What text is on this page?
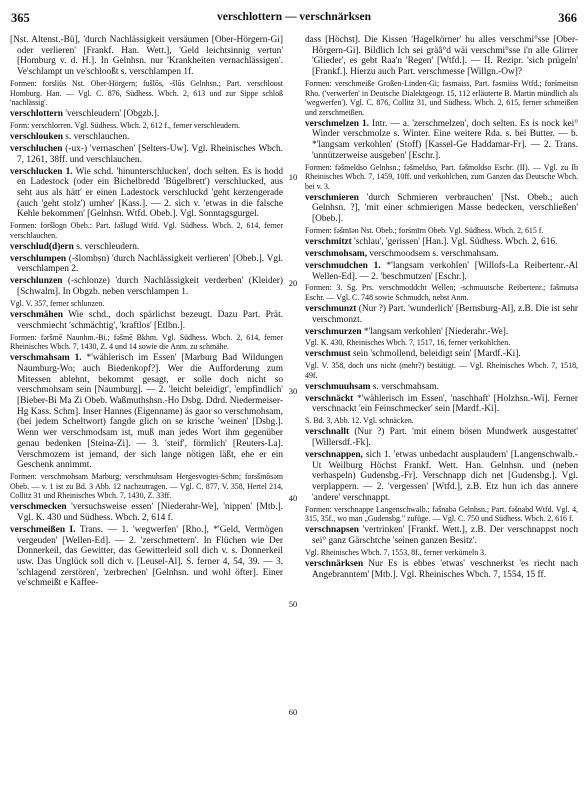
365	verschlottern — verschnärksen	366

[Nst. Altenst.-Bü], 'durch Nachlässigkeit versäumen [Ober-Hörgern-Gi] oder verlieren' [Frankf. Han. Wett.], 'Geld leichtsinnig vertun' [Homburg v. d. H.]. In Gelnhsn. nur 'Krankheiten vernachlässigen'. Ve'schlampt un ve'schlooßt s. verschlampen 1f.

Formen: forsliüs Nst. Ober-Hörgern; fušlōs, -šlūs Gelnhsn.; Part. verschloost Homburg. Han. — Vgl. C. 876, Südhess. Wbch. 2, 613 und zur Sippe schloß 'nachlässig'.

verschlottern 'verschleudern' [Obgzb.].

Form: verschlorren. Vgl. Südhess. Wbch. 2, 612 f., ferner verschleudern.

verschlouken s. verschlauchen.

verschluchen (-ux-) 'vernaschen' [Selters-Uw]. Vgl. Rheinisches Wbch. 7, 1261, 38ff. und verschlauchen.

verschlucken 1. Wie schd. 'hinunterschlucken', doch selten. Es is hodd en Ladestock (oder ein Bichelbredd 'Bügelbrett') verschlucked, aus seht aus als hätt' er einen Ladestock verschluckd 'geht kerzengerade (auch 'geht stolz') umher' [Kass.]. — 2. sich v. 'etwas in die falsche Kehle bekommen' [Gelnhsn. Wtfd. Obeb.]. Vgl. Sonntagsgurgel.

Formen: foršlogn Obeb.: Part. fəšlugd Wtfd. Vgl. Südhess. Wbch. 2, 614, ferner verschlauchen.

verschlud(d)ern s. verschleudern.

verschlumpen (-šlombṣn) 'durch Nachlässigkeit verlieren' [Obeb.]. Vgl. verschlampen 2.

verschlunzen (-schlonze) 'durch Nachlässigkeit verderben' (Kleider) [Schwalm]. In Obgzb. neben verschlampen 1.

Vgl. V. 357, ferner schlunzen.

verschmähen Wie schd., doch spärlichst bezeugt. Dazu Part. Prät. verschmiecht 'schmächtig', 'kraftlos' [Etlbn.].

Formen: fəršmē Naunhm.-Bi.; fəšmē Bkhm. Vgl. Südhess. Wbch. 2, 614, ferner Rheinisches Wbch. 7, 1430, Z. 4 und 14 sowie die Anm. zu schmähe.

verschmahsam 1. *'wählerisch im Essen' [Marburg Bad Wildungen Naumburg-Wo; auch Biedenkopf?]. Wer die Aufforderung zum Mitessen ablehnt, bekommt gesagt, er solle doch nicht so verschmohsam sein [Naumburg]. — 2. 'leicht beleidigt', 'empfindlich' [Bieber-Bi Ma Zi Obeb. Waßmuthshsn.-Ho Dsbg. Ddrd. Niedermeiser-Hg Kass. Schm]. Inser Hannes (Eigenname) äs gaor so verschmohsam, (bei jedem Scheltwort) fangde glich on se krische 'weinen' [Dsbg.]. Wenn wer verschmodsam ist, muß man jedes Wort ihm gegenüber genau bedenken [Steina-Zi]. — 3. 'steif', förmlich' [Reuters-La]. Verschmozem ist jemand, der sich lange nötigen läßt, ehe er ein Geschenk annimmt.

Formen: verschmohsam Marburg; verschmuhsam Hergesvogtei-Schm; forsšmōsəm Obeb. — v. 1 ist zu Bd. 3 Abb. 12 nachzutragen. — Vgl. C. 877, V. 358, Hertel 214, Collitz 31 und Rheinisches Wbch. 7, 1430, Z. 33ff.

verschmecken 'versuchsweise essen' [Niederahr-We], 'nippen' [Mtb.]. Vgl. K. 430 und Südhess. Wbch. 2, 614 f.

verschmeißen I. Trans. — 1. 'wegwerfen' [Rho.], *'Geld, Vermögen vergeuden' [Wellen-Ed]. — 2. 'zerschmettern'. In Flüchen wie Der Donnerkeil, das Gewitter, das Gewitterleid soll dich v. s. Donnerkeil usw. Das Unglück soll dich v. [Leusel-Al]. S. ferner 4, 54, 39. — 3. 'schlagend zerstören', 'zerbrechen' [Gelnhsn. und wohl öfter]. Einer ve'schmeißt e Kaffee-

10
20
30
40
50
60

dass [Höchst]. Die Kissen 'Hagelkörner' hu alles verschmi°sse [Ober-Hörgern-Gi]. Bildlich Ich sei gräâ°d wäi verschmi°sse i'n alle Glirrer 'Glieder', es gebt Raa'n 'Regen' [Wtfd.]. — II. Rezipr. 'sich prügeln' [Frankf.]. Hierzu auch Part. verschmesse [Willgn.-Ow]?

Formen: verschmeiße Großen-Linden-Gi; fəsmaiss, Part. fəsmiiss Wtfd.; forśmeitsn Rho. ('verwerfen' in Deutsche Dialektgeogr. 15, 112 erläuterte B. Martin mündlich als 'wegwerfen'). Vgl. C. 876, Collitz 31, und Südhess. Wbch. 2, 615, ferner schmeißen und zerschmeißen.

verschmelzen 1. Intr. — a. 'zerschmelzen', doch selten. Es is nock kei° Winder verschmolze s. Winter. Eine weitere Rda. s. bei Butter. — b. *'langsam verkohlen' (Stoff) [Kassel-Ge Haddamar-Fr]. — 2. Trans. 'unnützerweise ausgeben' [Eschr.].

Formen: fəšmeldso Gelnhsn.; fəšmeldso, Part. fəšmoldso Eschr. (II). — Vgl. zu Ib Rheinisches Wbch. 7, 1459, 10ff. und verkohlchen, zum Ganzen das Deutsche Wbch. bei v. 3.

verschmieren 'durch Schmieren verbrauchen' [Nst. Obeb.; auch Gelnhsn. ?], 'mit einer schmierigen Masse bedecken, verschließen' [Obeb.].

Formen: fəšmīən Nst. Obeb.; forśmīrn Obeb. Vgl. Südhess. Wbch. 2, 615 f.

verschmitzt 'schlau', 'gerissen' [Han.]. Vgl. Südhess. Wbch. 2, 616.

verschmohsam, verschmoodsem s. verschmahsam.

verschmudchen 1. *'langsam verkohlen' [Willofs-La Reibertenr.-Al Wellen-Ed]. — 2. 'beschmutzen' [Eschr.].

Formen: 3. Sg. Prs. verschmoddcht Wellen; -schmuutsche Reibertenr.; fəšmutsə Eschr. — Vgl. C. 748 sowie Schmudch, nebst Anm.

verschmunzt (Nur ?) Part. 'wunderlich' [Bernsburg-Al], z.B. Die ist sehr verschmonzt.

verschmurzen *'langsam verkohlen' [Niederahr.-We].

Vgl. K. 430, Rheinisches Wbch. 7, 1517, 16, ferner verkohlchen.

verschmust sein 'schmollend, beleidigt sein' [Mardf.-Ki].

Vgl. V. 358, doch uns nicht (mehr?) bestätigt. — Vgl. Rheinisches Wbch. 7, 1518, 49f.

verschmuuhsam s. verschmahsam.

verschnäckt *'wählerisch im Essen', 'naschhaft' [Holzhsn.-Wi]. Ferner verschnackt 'ein Feinschmecker' sein [Mardf.-Ki].

S. Bd. 3, Abb. 12. Vgl. schnäcken.

verschnallt (Nur ?) Part. 'mit einem bösen Mundwerk ausgestattet' [Willersdf.-Fk].

verschnappen, sich 1. 'etwas unbedacht ausplaudern' [Langenschwalb.-Ut Weilburg Höchst Frankf. Wett. Han. Gelnhsn. und (neben verhaspeln) Gudensbg.-Fr]. Verschnapp dich net [Gudensbg.]. Vgl. verplappern. — 2. 'vergessen' [Wtfd.], z.B. Etz hun ich das annere 'andere' verschnappt.

Formen: verschnappe Langenschwalb.; fəšnabə Gelnhsn.; Part. fəšnabd Wtfd. Vgl. 4, 315, 35f., wo man „Gudensbg." zufüge. — Vgl. C. 750 und Südhess. Wbch. 2, 616 f.

verschnapsen 'vertrinken' [Frankf. Wett.], z.B. Der verschnappst noch sei° ganz Gärschtche 'seinen ganzen Besitz'.

Vgl. Rheinisches Wbch. 7, 1553, 8f., ferner verkümeln 3.

verschnärksen Nur Es is ebbes 'etwas' veschnerkst 'es riecht nach Angebranntem' [Mtb.]. Vgl. Rheinisches Wbch. 7, 1554, 15 ff.
